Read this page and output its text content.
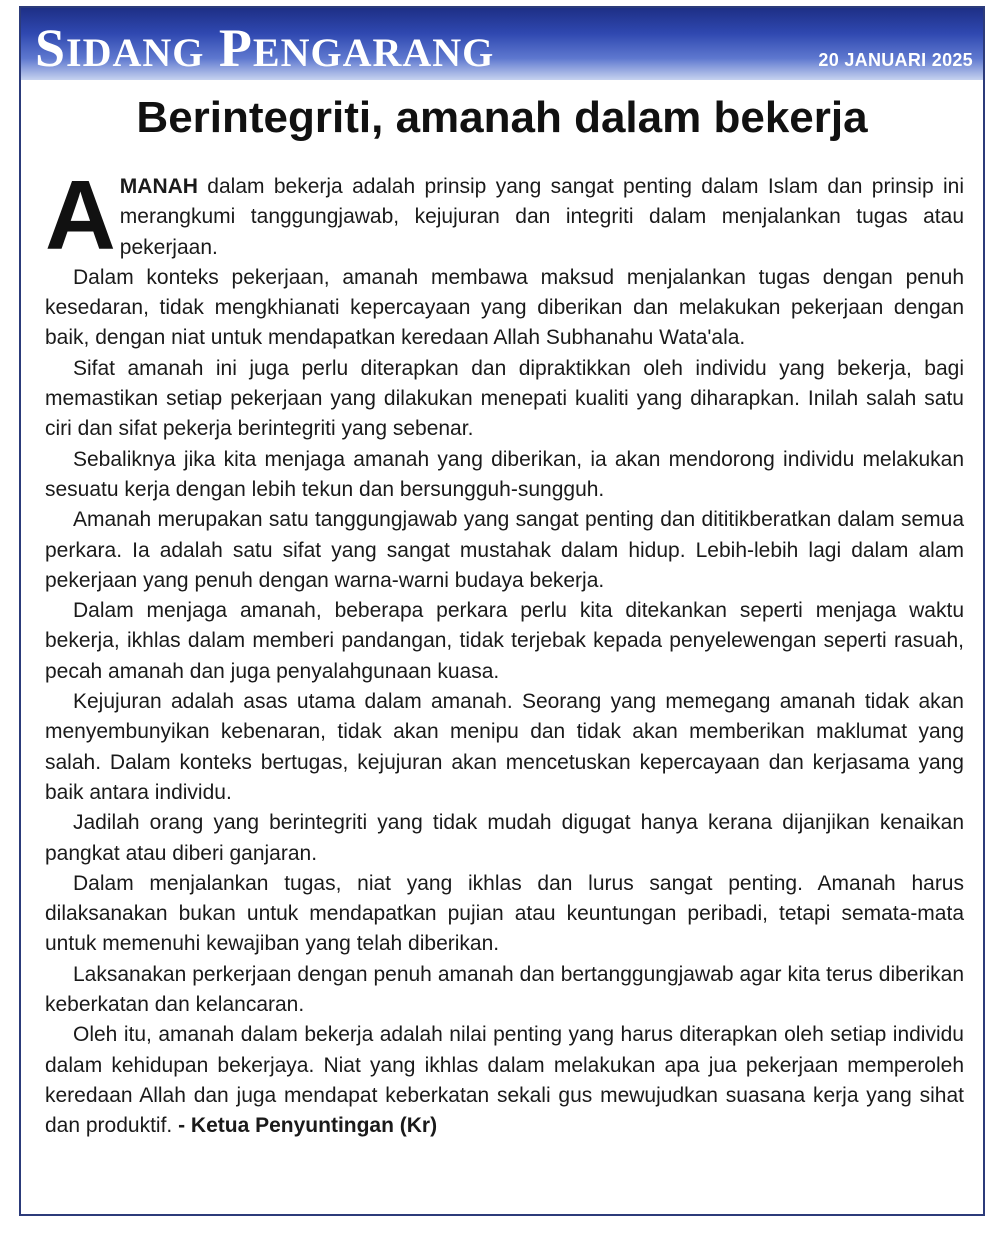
SIDANG PENGARANG	20 JANUARI 2025
Berintegriti, amanah dalam bekerja

AMANAH dalam bekerja adalah prinsip yang sangat penting dalam Islam dan prinsip ini merangkumi tanggungjawab, kejujuran dan integriti dalam menjalankan tugas atau pekerjaan.

Dalam konteks pekerjaan, amanah membawa maksud menjalankan tugas dengan penuh kesedaran, tidak mengkhianati kepercayaan yang diberikan dan melakukan pekerjaan dengan baik, dengan niat untuk mendapatkan keredaan Allah Subhanahu Wata'ala.

Sifat amanah ini juga perlu diterapkan dan dipraktikkan oleh individu yang bekerja, bagi memastikan setiap pekerjaan yang dilakukan menepati kualiti yang diharapkan. Inilah salah satu ciri dan sifat pekerja berintegriti yang sebenar.

Sebaliknya jika kita menjaga amanah yang diberikan, ia akan mendorong individu melakukan sesuatu kerja dengan lebih tekun dan bersungguh-sungguh.

Amanah merupakan satu tanggungjawab yang sangat penting dan dititikberatkan dalam semua perkara. Ia adalah satu sifat yang sangat mustahak dalam hidup. Lebih-lebih lagi dalam alam pekerjaan yang penuh dengan warna-warni budaya bekerja.

Dalam menjaga amanah, beberapa perkara perlu kita ditekankan seperti menjaga waktu bekerja, ikhlas dalam memberi pandangan, tidak terjebak kepada penyelewengan seperti rasuah, pecah amanah dan juga penyalahgunaan kuasa.

Kejujuran adalah asas utama dalam amanah. Seorang yang memegang amanah tidak akan menyembunyikan kebenaran, tidak akan menipu dan tidak akan memberikan maklumat yang salah. Dalam konteks bertugas, kejujuran akan mencetuskan kepercayaan dan kerjasama yang baik antara individu.

Jadilah orang yang berintegriti yang tidak mudah digugat hanya kerana dijanjikan kenaikan pangkat atau diberi ganjaran.

Dalam menjalankan tugas, niat yang ikhlas dan lurus sangat penting. Amanah harus dilaksanakan bukan untuk mendapatkan pujian atau keuntungan peribadi, tetapi semata-mata untuk memenuhi kewajiban yang telah diberikan.

Laksanakan perkerjaan dengan penuh amanah dan bertanggungjawab agar kita terus diberikan keberkatan dan kelancaran.

Oleh itu, amanah dalam bekerja adalah nilai penting yang harus diterapkan oleh setiap individu dalam kehidupan bekerjaya. Niat yang ikhlas dalam melakukan apa jua pekerjaan memperoleh keredaan Allah dan juga mendapat keberkatan sekali gus mewujudkan suasana kerja yang sihat dan produktif. - Ketua Penyuntingan (Kr)
